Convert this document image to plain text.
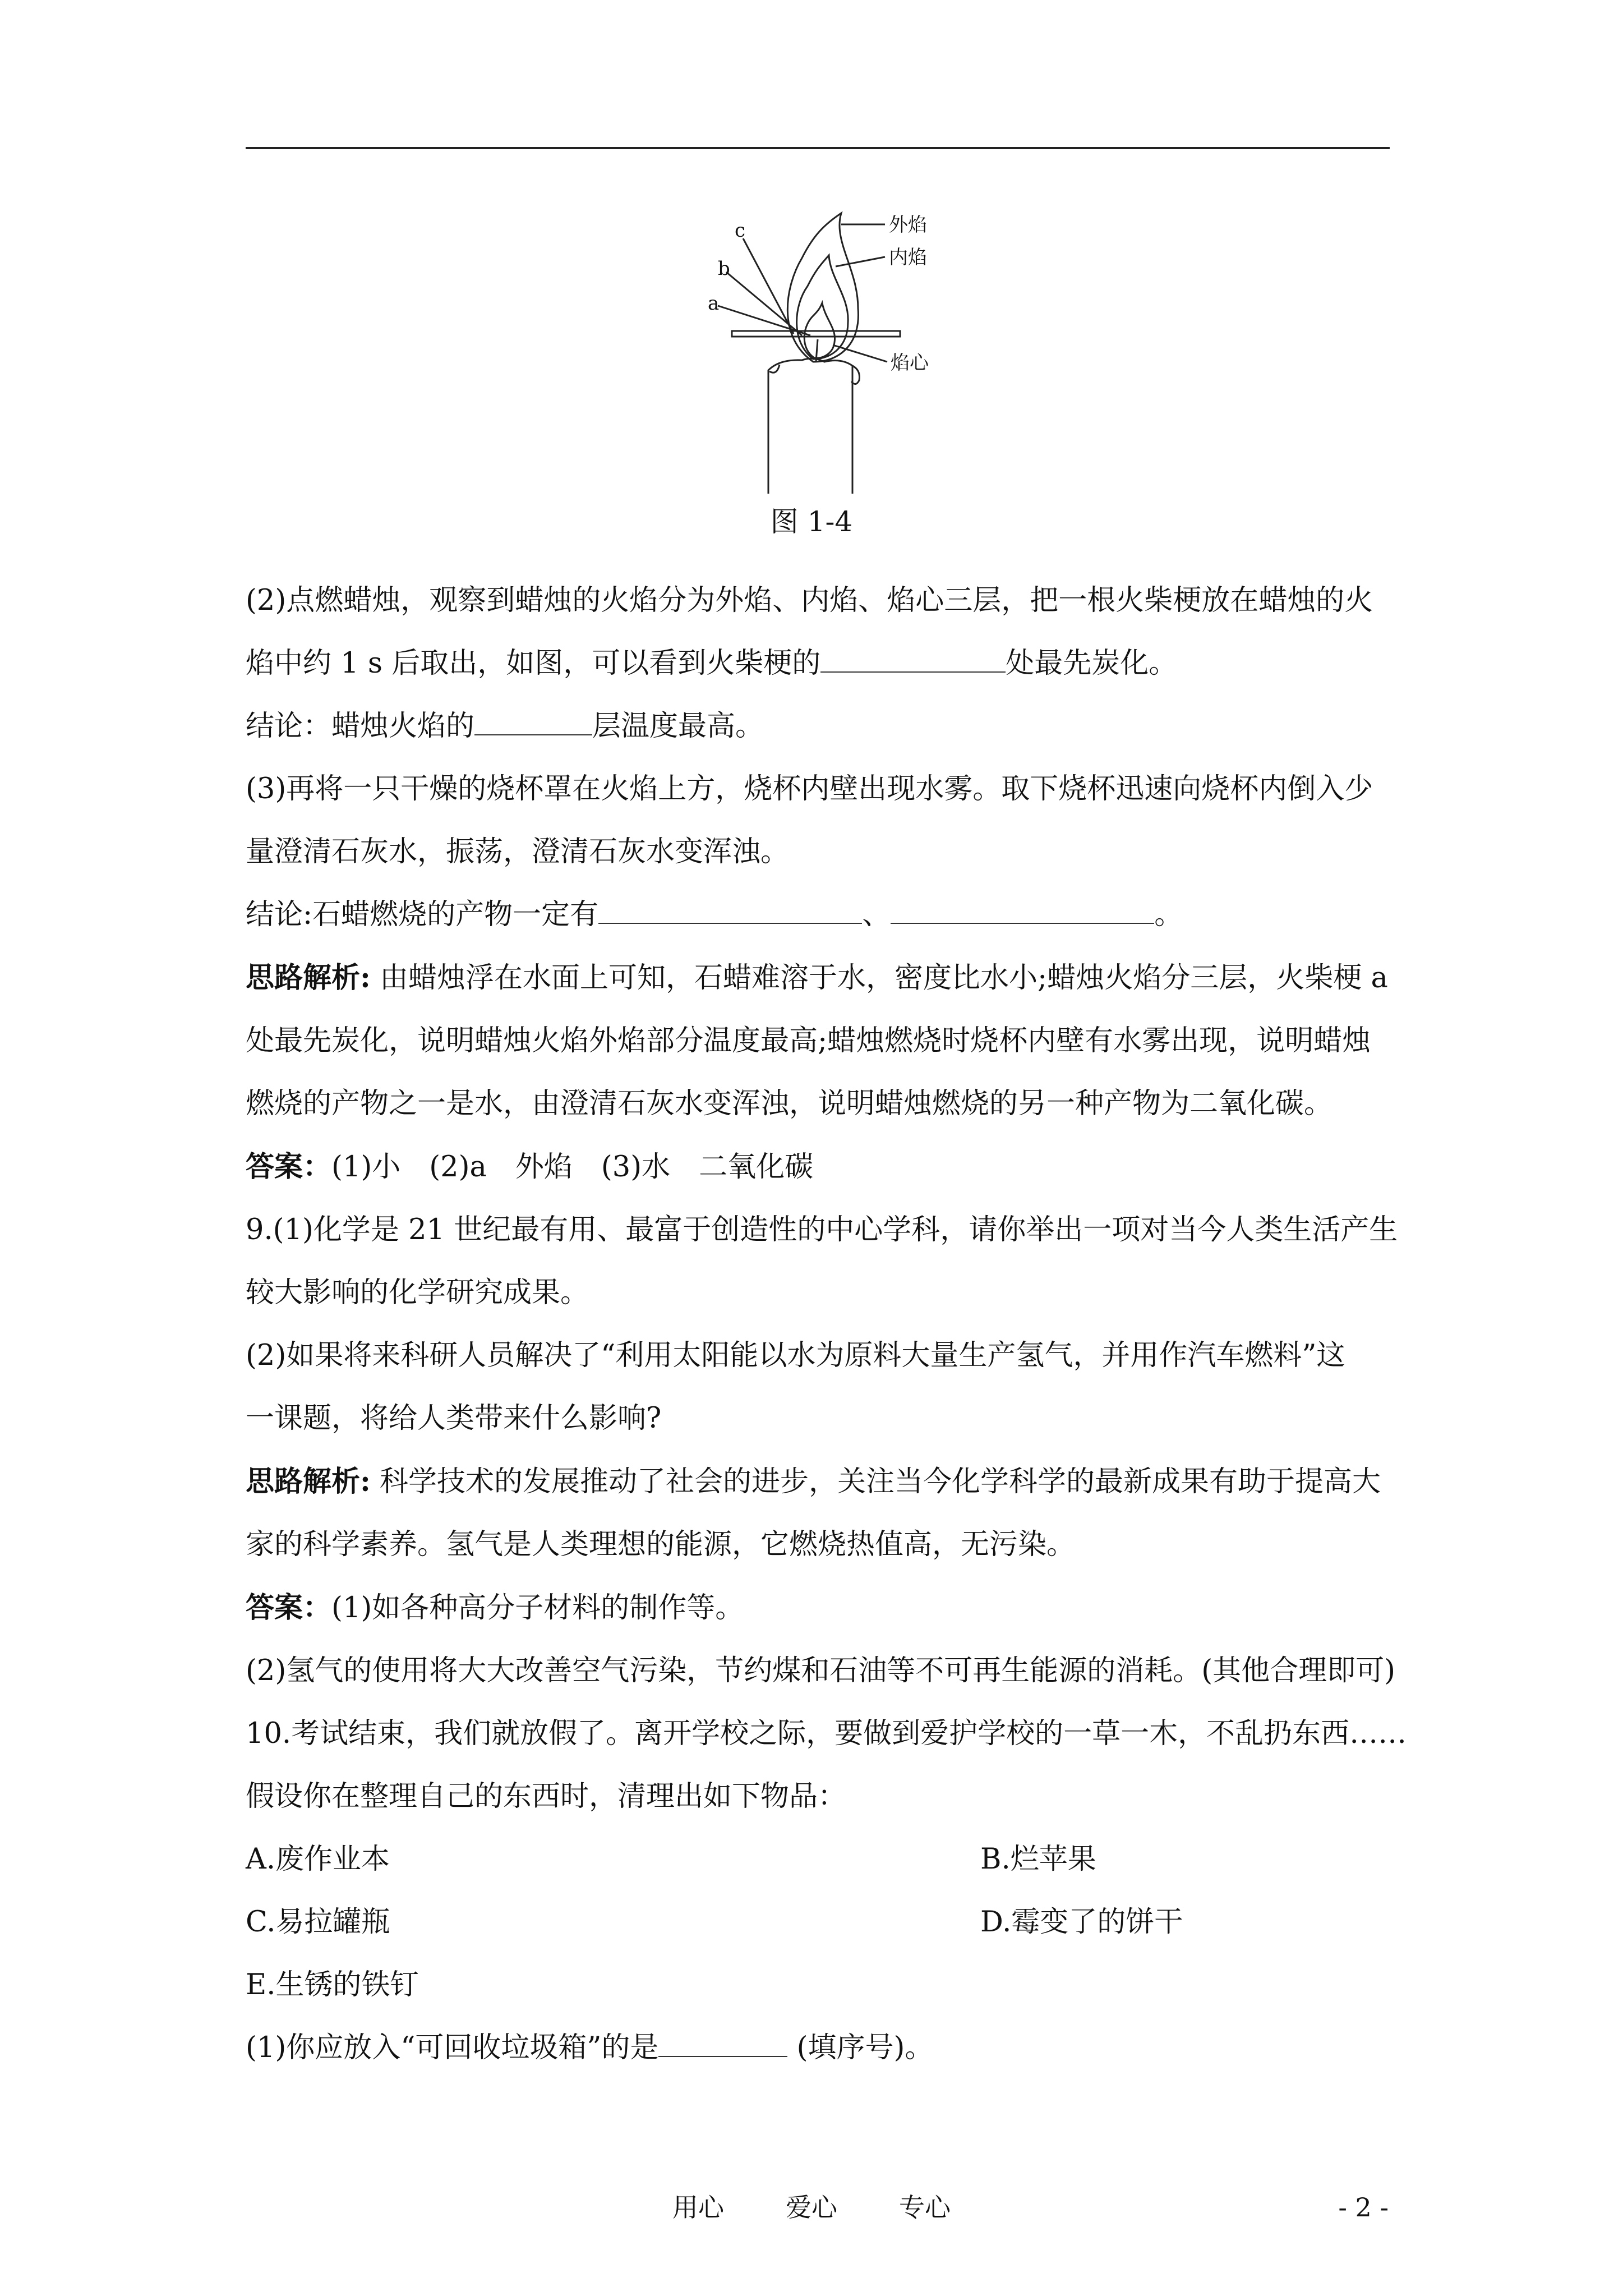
外焰
内焰
焰心
c
b
a
图 1-4

(2)点燃蜡烛，观察到蜡烛的火焰分为外焰、内焰、焰心三层，把一根火柴梗放在蜡烛的火

焰中约 1 s 后取出，如图，可以看到火柴梗的	处最先炭化。

结论：蜡烛火焰的	层温度最高。

(3)再将一只干燥的烧杯罩在火焰上方，烧杯内壁出现水雾。取下烧杯迅速向烧杯内倒入少

量澄清石灰水，振荡，澄清石灰水变浑浊。

结论:石蜡燃烧的产物一定有	、	。

思路解析: 由蜡烛浮在水面上可知，石蜡难溶于水，密度比水小;蜡烛火焰分三层，火柴梗 a

处最先炭化，说明蜡烛火焰外焰部分温度最高;蜡烛燃烧时烧杯内壁有水雾出现，说明蜡烛

燃烧的产物之一是水，由澄清石灰水变浑浊，说明蜡烛燃烧的另一种产物为二氧化碳。

答案：(1)小　(2)a　外焰　(3)水　二氧化碳

9.(1)化学是 21 世纪最有用、最富于创造性的中心学科，请你举出一项对当今人类生活产生

较大影响的化学研究成果。

(2)如果将来科研人员解决了“利用太阳能以水为原料大量生产氢气，并用作汽车燃料”这

一课题，将给人类带来什么影响?

思路解析: 科学技术的发展推动了社会的进步，关注当今化学科学的最新成果有助于提高大

家的科学素养。氢气是人类理想的能源，它燃烧热值高，无污染。

答案：(1)如各种高分子材料的制作等。

(2)氢气的使用将大大改善空气污染，节约煤和石油等不可再生能源的消耗。(其他合理即可)

10.考试结束，我们就放假了。离开学校之际，要做到爱护学校的一草一木，不乱扔东西……

假设你在整理自己的东西时，清理出如下物品：

A.废作业本	B.烂苹果
C.易拉罐瓶	D.霉变了的饼干

E.生锈的铁钉

(1)你应放入“可回收垃圾箱”的是	(填序号)。

用心 爱心 专心	- 2 -
